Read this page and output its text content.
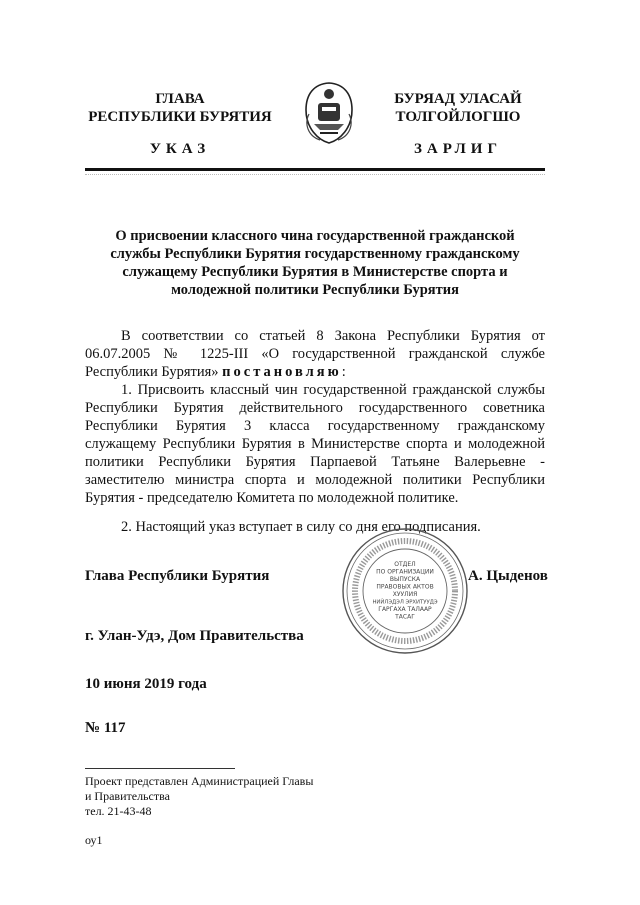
ГЛАВА
РЕСПУБЛИКИ БУРЯТИЯ
БУРЯАД УЛАСАЙ
ТОЛГОЙЛОГШО
УКАЗ	ЗАРЛИГ
О присвоении классного чина государственной гражданской службы Республики Бурятия государственному гражданскому служащему Республики Бурятия в Министерстве спорта и молодежной политики Республики Бурятия
В соответствии со статьей 8 Закона Республики Бурятия от 06.07.2005 № 1225-III «О государственной гражданской службе Республики Бурятия» постановляю:
1. Присвоить классный чин государственной гражданской службы Республики Бурятия действительного государственного советника Республики Бурятия 3 класса государственному гражданскому служащему Республики Бурятия в Министерстве спорта и молодежной политики Республики Бурятия Парпаевой Татьяне Валерьевне - заместителю министра спорта и молодежной политики Республики Бурятия - председателю Комитета по молодежной политике.
2. Настоящий указ вступает в силу со дня его подписания.
Глава Республики Бурятия
ОТДЕЛ
ПО ОРГАНИЗАЦИИ
ВЫПУСКА
ПРАВОВЫХ АКТОВ
ХУУЛИЯ
НИЙЛЭДЭЛ ЭРХИТУУДЭ
ГАРГАХА ТАЛААР
ТАСАГ
А. Цыденов
г. Улан-Удэ, Дом Правительства
10 июня 2019 года
№ 117
Проект представлен Администрацией Главы
и Правительства
тел. 21-43-48
оу1
